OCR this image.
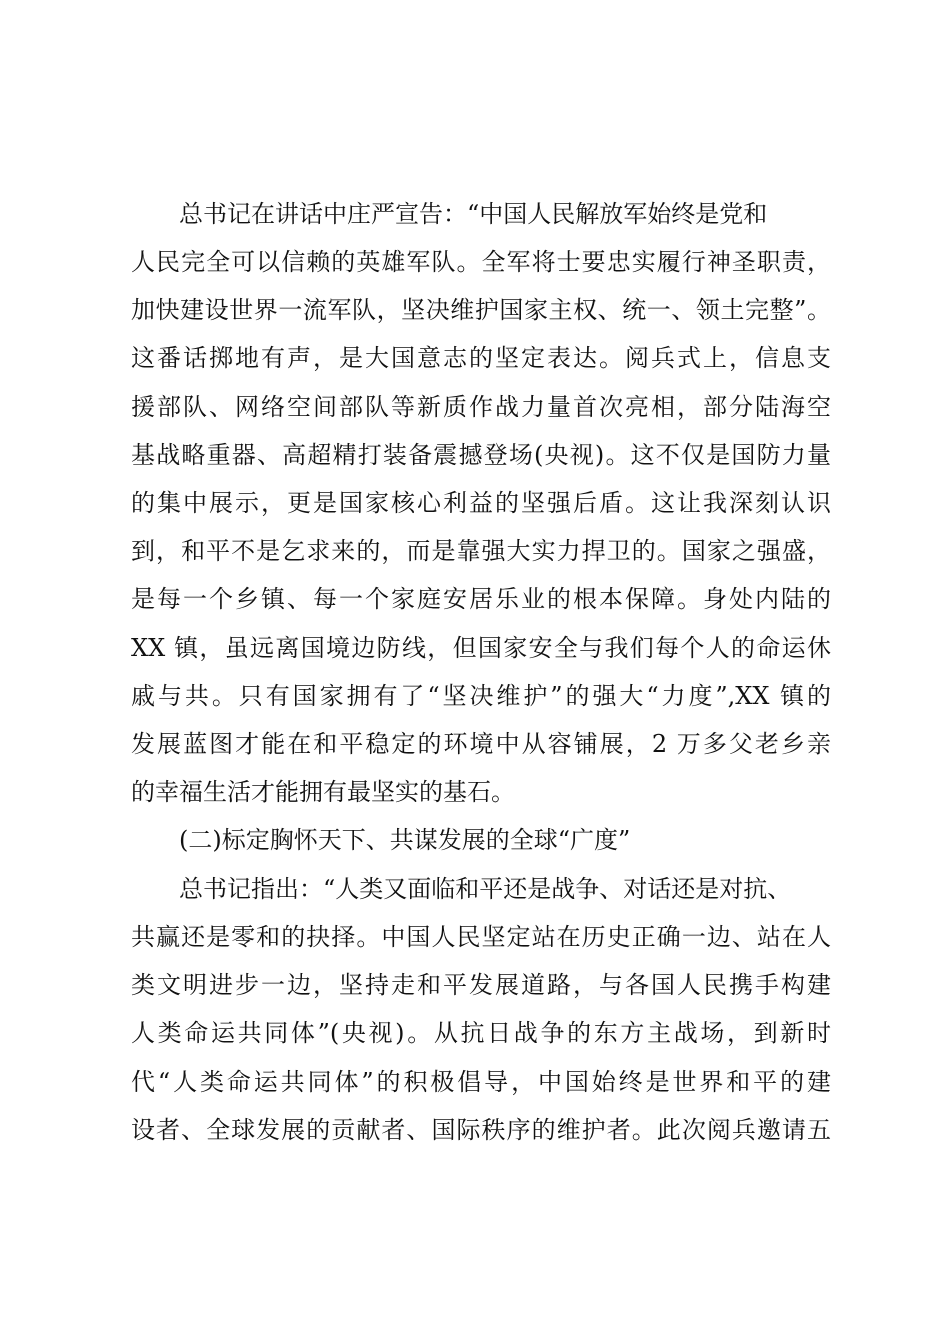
总书记在讲话中庄严宣告：“中国人民解放军始终是党和
人民完全可以信赖的英雄军队。全军将士要忠实履行神圣职责，
加快建设世界一流军队，坚决维护国家主权、统一、领土完整”。
这番话掷地有声，是大国意志的坚定表达。阅兵式上，信息支
援部队、网络空间部队等新质作战力量首次亮相，部分陆海空
基战略重器、高超精打装备震撼登场(央视)。这不仅是国防力量
的集中展示，更是国家核心利益的坚强后盾。这让我深刻认识
到，和平不是乞求来的，而是靠强大实力捍卫的。国家之强盛，
是每一个乡镇、每一个家庭安居乐业的根本保障。身处内陆的
XX 镇，虽远离国境边防线，但国家安全与我们每个人的命运休
戚与共。只有国家拥有了“坚决维护”的强大“力度”,XX 镇的
发展蓝图才能在和平稳定的环境中从容铺展，2 万多父老乡亲
的幸福生活才能拥有最坚实的基石。
(二)标定胸怀天下、共谋发展的全球“广度”
总书记指出：“人类又面临和平还是战争、对话还是对抗、
共赢还是零和的抉择。中国人民坚定站在历史正确一边、站在人
类文明进步一边，坚持走和平发展道路，与各国人民携手构建
人类命运共同体”(央视)。从抗日战争的东方主战场，到新时
代“人类命运共同体”的积极倡导，中国始终是世界和平的建
设者、全球发展的贡献者、国际秩序的维护者。此次阅兵邀请五
